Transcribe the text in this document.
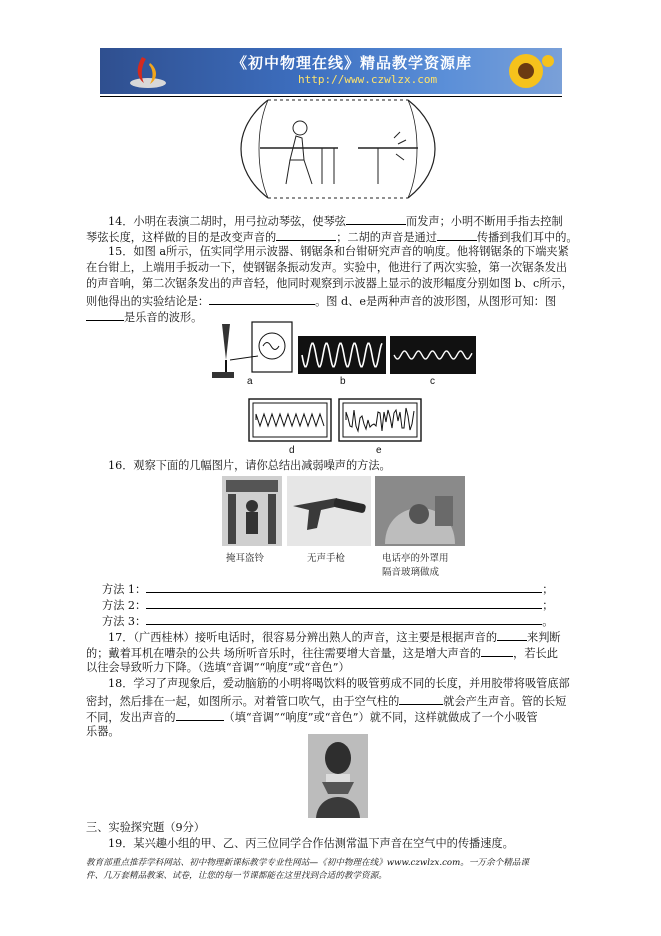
《初中物理在线》精品教学资源库
http://www.czwlzx.com
14．小明在表演二胡时，用弓拉动琴弦，使琴弦	而发声；小明不断用手指去控制
琴弦长度，这样做的目的是改变声音的	；二胡的声音是通过	传播到我们耳中的。
15．如图 a所示，伍实同学用示波器、钢锯条和台钳研究声音的响度。他将钢锯条的下端夹紧
在台钳上，上端用手扳动一下，使钢锯条振动发声。实验中，他进行了两次实验，第一次锯条发出
的声音响，第二次锯条发出的声音轻，他同时观察到示波器上显示的波形幅度分别如图 b、c所示，
则他得出的实验结论是：	。图 d、e是两种声音的波形图，从图形可知：图
是乐音的波形。
a	b	c
d	e
16．观察下面的几幅图片，请你总结出减弱噪声的方法。
掩耳盗铃	无声手枪	电话亭的外罩用
隔音玻璃做成
方法 1：	；
方法 2：	；
方法 3：	。
17．（广西桂林）接听电话时，很容易分辨出熟人的声音，这主要是根据声音的	来判断
的；戴着耳机在嘈杂的公共 场所听音乐时，往往需要增大音量，这是增大声音的	，若长此
以往会导致听力下降。（选填“音调”“响度”或“音色”）
18．学习了声现象后，爱动脑筋的小明将喝饮料的吸管剪成不同的长度，并用胶带将吸管底部
密封，然后排在一起，如图所示。对着管口吹气，由于空气柱的	就会产生声音。管的长短
不同，发出声音的	（填“音调”“响度”或“音色”）就不同，这样就做成了一个小吸管
乐器。
三、实验探究题（9分）
19．某兴趣小组的甲、乙、丙三位同学合作估测常温下声音在空气中的传播速度。
教育部重点推荐学科网站、初中物理新课标教学专业性网站—《初中物理在线》www.czwlzx.com。一万余个精品课
件、几万套精品教案、试卷，让您的每一节课都能在这里找到合适的教学资源。
